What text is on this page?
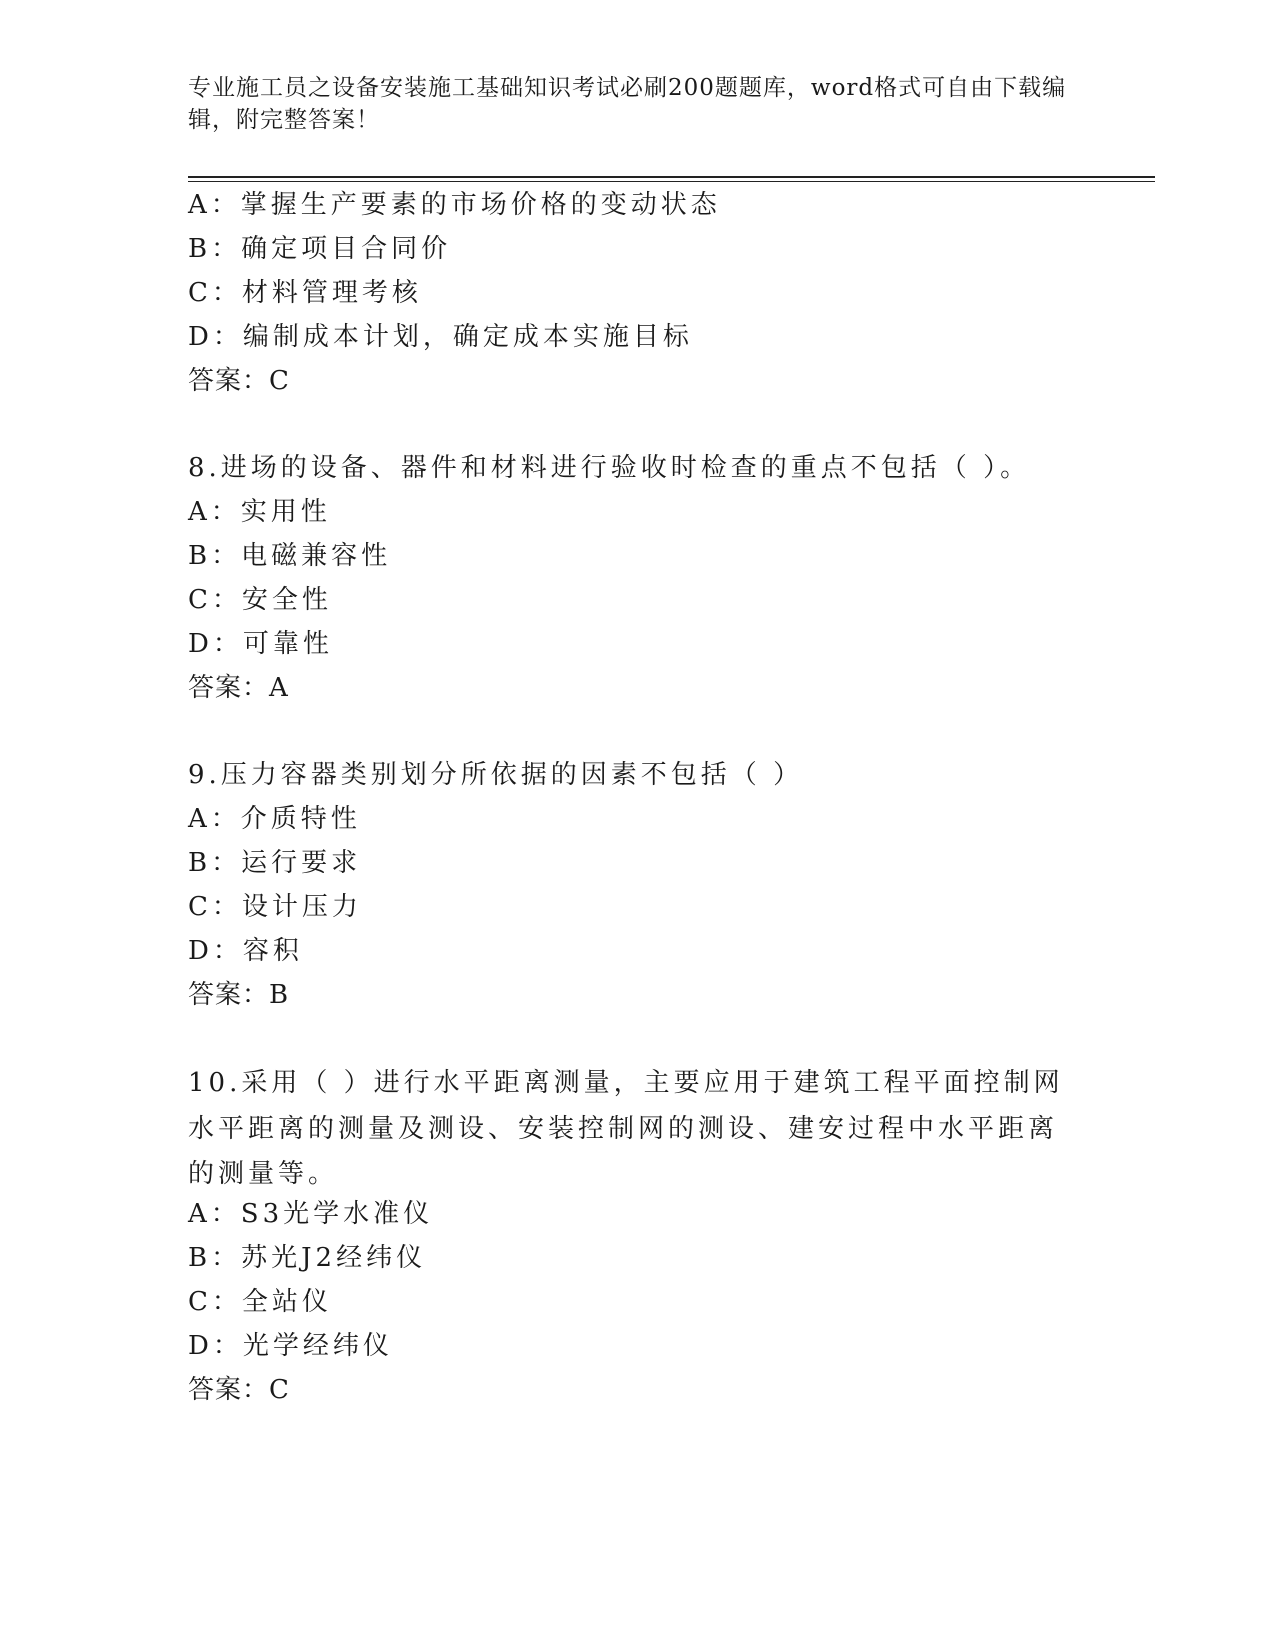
专业施工员之设备安装施工基础知识考试必刷200题题库，word格式可自由下载编辑，附完整答案！
A：掌握生产要素的市场价格的变动状态
B：确定项目合同价
C：材料管理考核
D：编制成本计划，确定成本实施目标
答案：C
8.进场的设备、器件和材料进行验收时检查的重点不包括（ ）。
A：实用性
B：电磁兼容性
C：安全性
D：可靠性
答案：A
9.压力容器类别划分所依据的因素不包括（ ）
A：介质特性
B：运行要求
C：设计压力
D：容积
答案：B
10.采用（ ）进行水平距离测量，主要应用于建筑工程平面控制网水平距离的测量及测设、安装控制网的测设、建安过程中水平距离的测量等。
A：S3光学水准仪
B：苏光J2经纬仪
C：全站仪
D：光学经纬仪
答案：C
